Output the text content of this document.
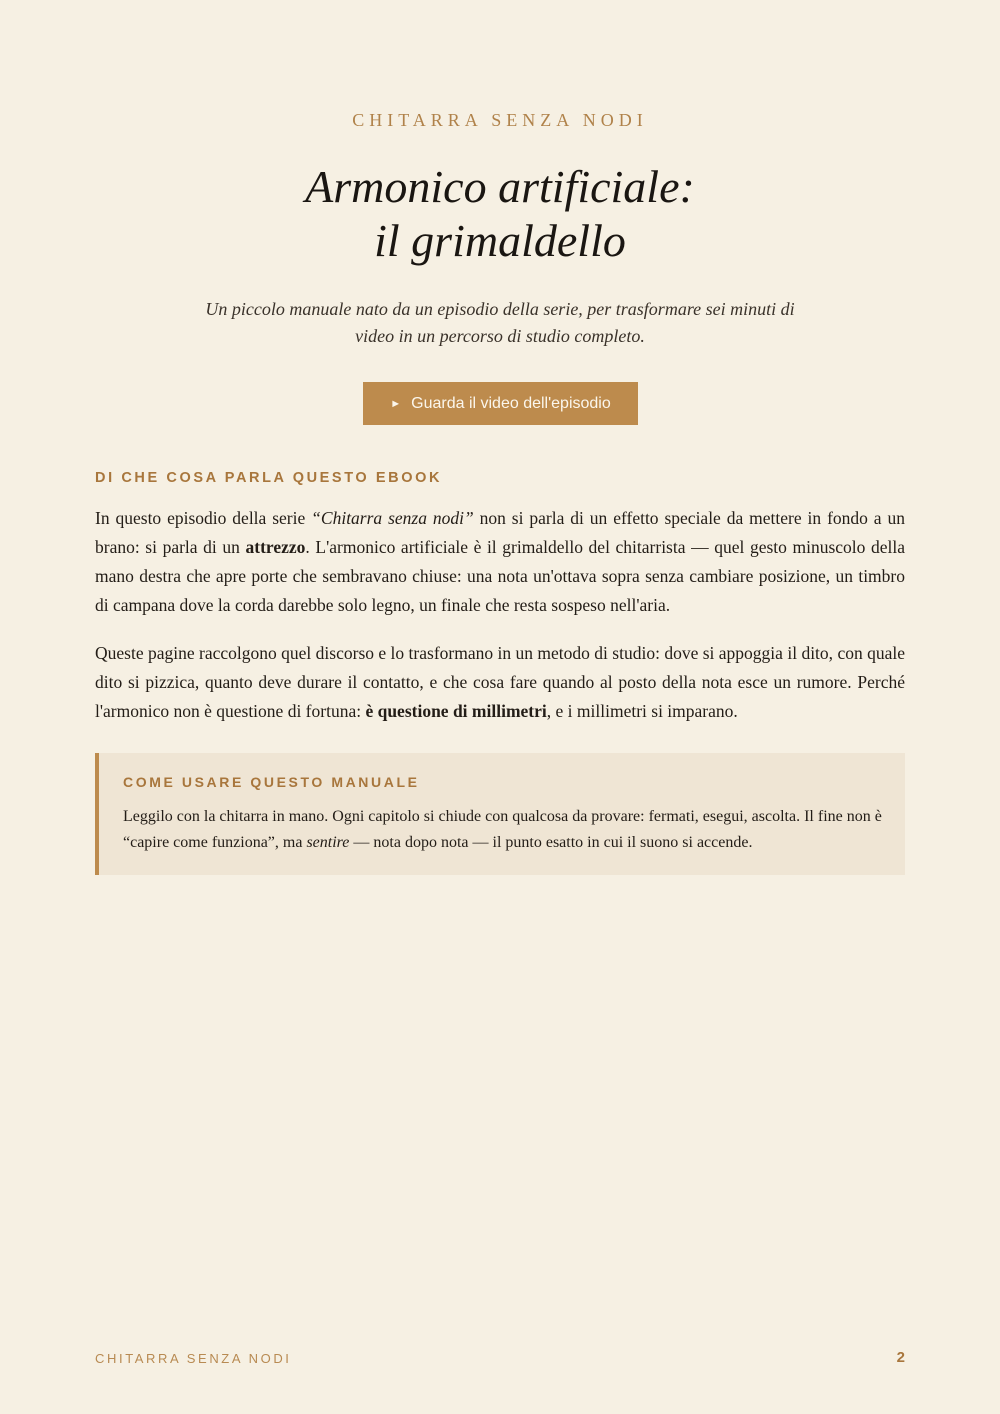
CHITARRA SENZA NODI
Armonico artificiale:
il grimaldello

Un piccolo manuale nato da un episodio della serie, per trasformare sei minuti di video in un percorso di studio completo.

► Guarda il video dell'episodio
DI CHE COSA PARLA QUESTO EBOOK

In questo episodio della serie “Chitarra senza nodi” non si parla di un effetto speciale da mettere in fondo a un brano: si parla di un attrezzo. L'armonico artificiale è il grimaldello del chitarrista — quel gesto minuscolo della mano destra che apre porte che sembravano chiuse: una nota un'ottava sopra senza cambiare posizione, un timbro di campana dove la corda darebbe solo legno, un finale che resta sospeso nell'aria.

Queste pagine raccolgono quel discorso e lo trasformano in un metodo di studio: dove si appoggia il dito, con quale dito si pizzica, quanto deve durare il contatto, e che cosa fare quando al posto della nota esce un rumore. Perché l'armonico non è questione di fortuna: è questione di millimetri, e i millimetri si imparano.

COME USARE QUESTO MANUALE

Leggilo con la chitarra in mano. Ogni capitolo si chiude con qualcosa da provare: fermati, esegui, ascolta. Il fine non è “capire come funziona”, ma sentire — nota dopo nota — il punto esatto in cui il suono si accende.

CHITARRA SENZA NODI	2
